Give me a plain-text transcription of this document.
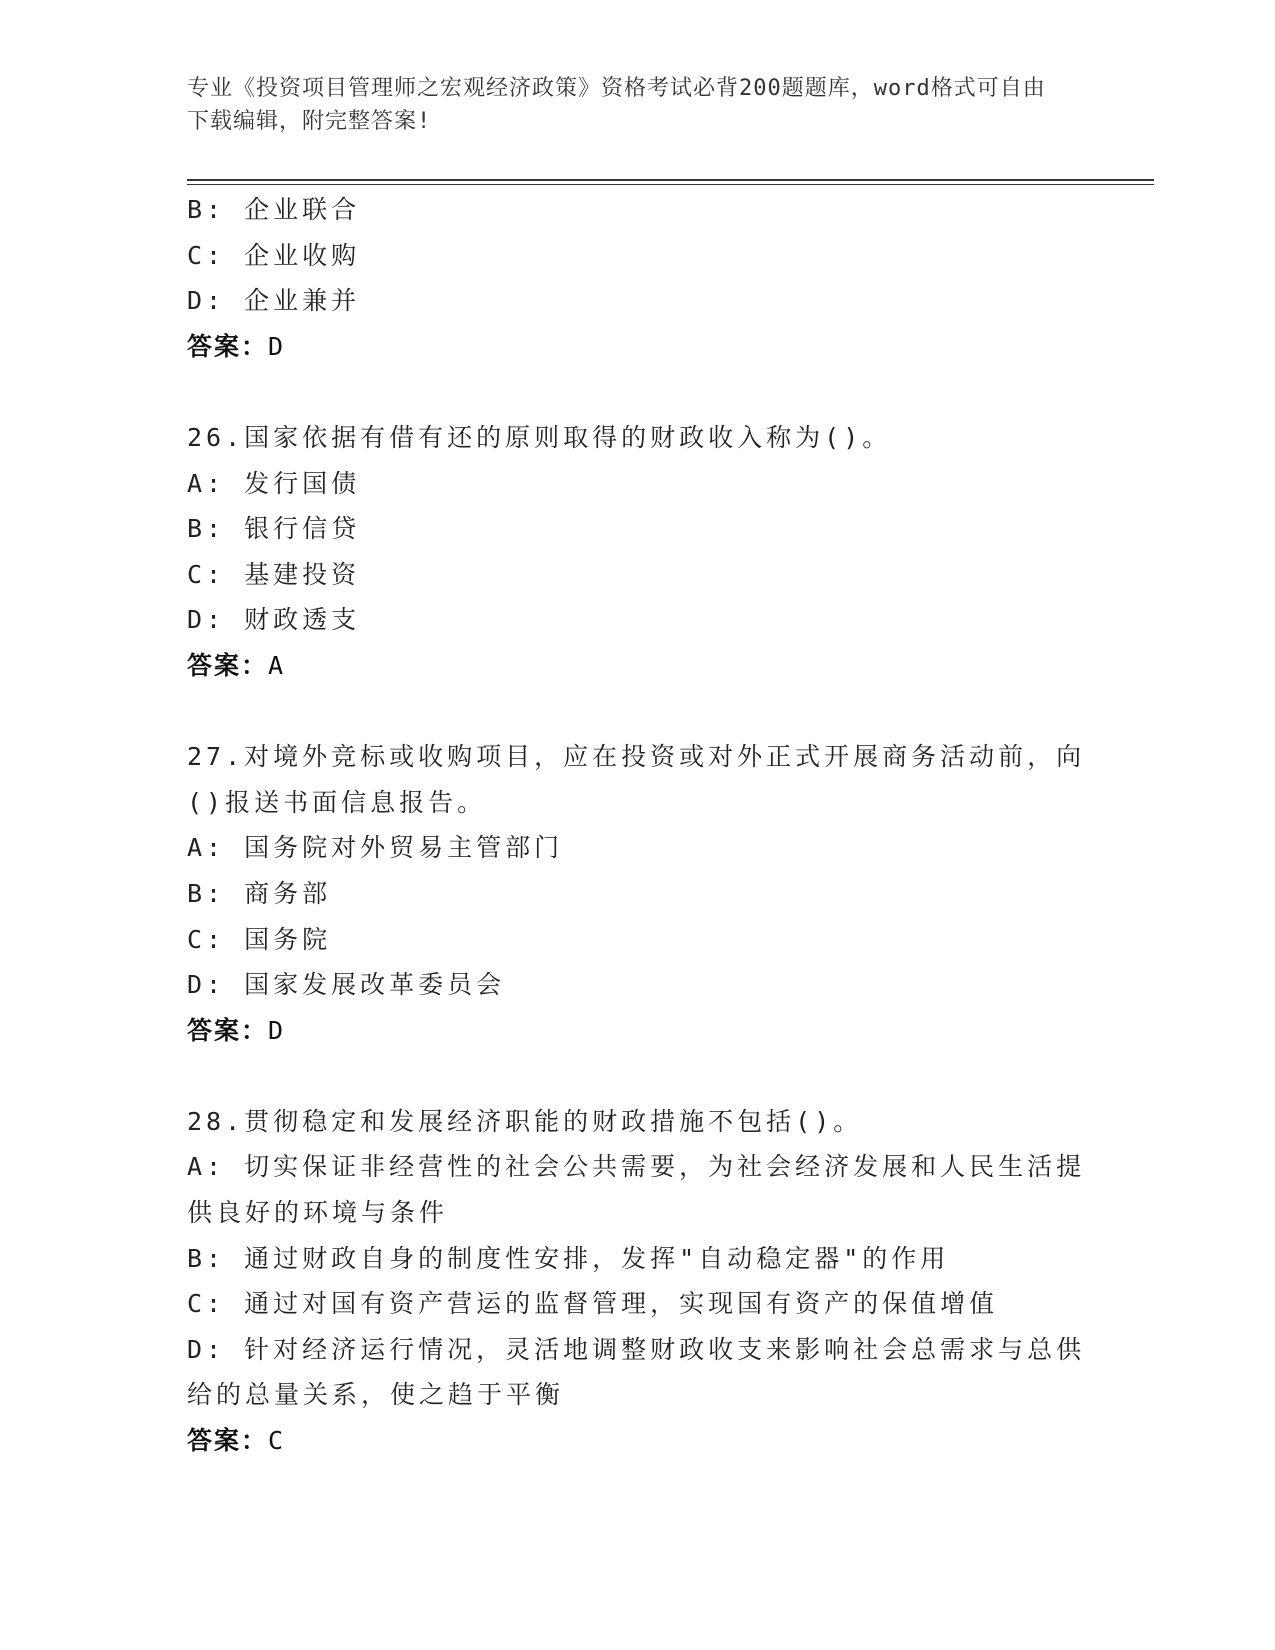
专业《投资项目管理师之宏观经济政策》资格考试必背200题题库，word格式可自由下载编辑，附完整答案!
B: 企业联合
C: 企业收购
D: 企业兼并
答案：D
26.国家依据有借有还的原则取得的财政收入称为()。
A: 发行国债
B: 银行信贷
C: 基建投资
D: 财政透支
答案：A
27.对境外竞标或收购项目，应在投资或对外正式开展商务活动前，向()报送书面信息报告。
A: 国务院对外贸易主管部门
B: 商务部
C: 国务院
D: 国家发展改革委员会
答案：D
28.贯彻稳定和发展经济职能的财政措施不包括()。
A: 切实保证非经营性的社会公共需要，为社会经济发展和人民生活提供良好的环境与条件
B: 通过财政自身的制度性安排，发挥"自动稳定器"的作用
C: 通过对国有资产营运的监督管理，实现国有资产的保值增值
D: 针对经济运行情况，灵活地调整财政收支来影响社会总需求与总供给的总量关系，使之趋于平衡
答案：C
